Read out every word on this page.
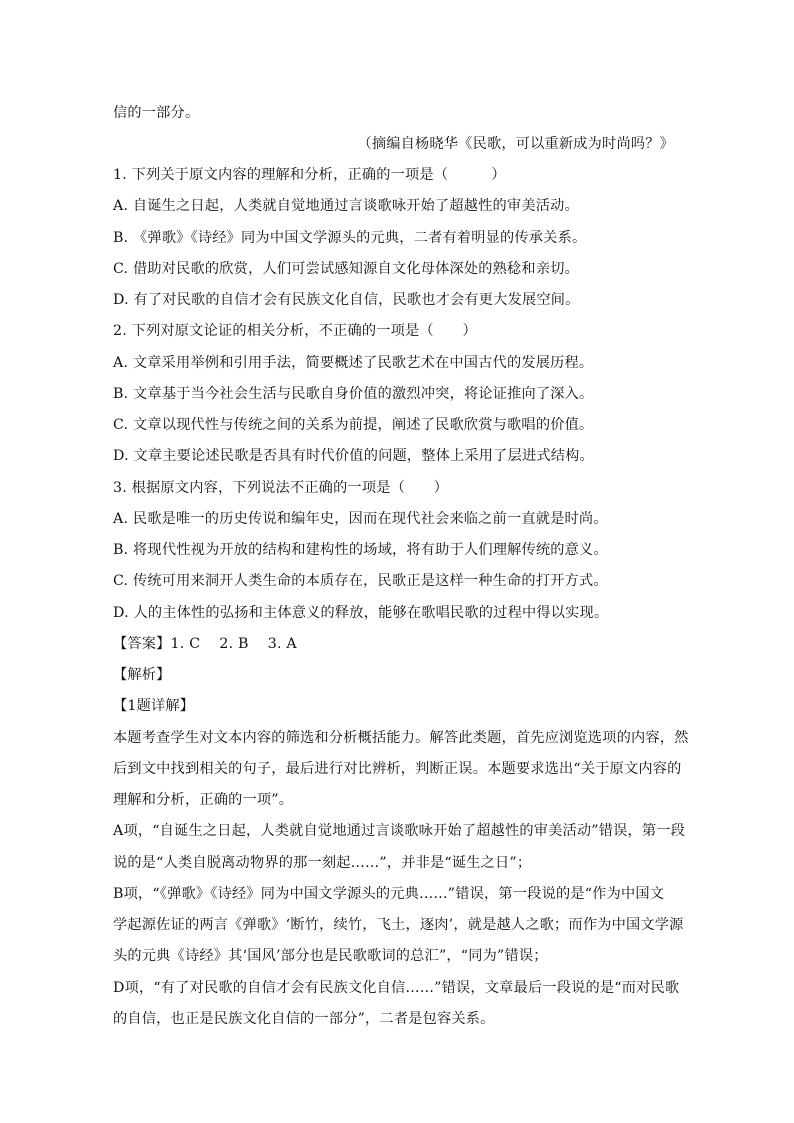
信的一部分。
（摘编自杨晓华《民歌，可以重新成为时尚吗？》
1. 下列关于原文内容的理解和分析，正确的一项是（　　　）
A. 自诞生之日起，人类就自觉地通过言谈歌咏开始了超越性的审美活动。
B. 《弹歌》《诗经》同为中国文学源头的元典，二者有着明显的传承关系。
C. 借助对民歌的欣赏，人们可尝试感知源自文化母体深处的熟稔和亲切。
D. 有了对民歌的自信才会有民族文化自信，民歌也才会有更大发展空间。
2. 下列对原文论证的相关分析，不正确的一项是（　　）
A. 文章采用举例和引用手法，简要概述了民歌艺术在中国古代的发展历程。
B. 文章基于当今社会生活与民歌自身价值的激烈冲突，将论证推向了深入。
C. 文章以现代性与传统之间的关系为前提，阐述了民歌欣赏与歌唱的价值。
D. 文章主要论述民歌是否具有时代价值的问题，整体上采用了层进式结构。
3. 根据原文内容，下列说法不正确的一项是（　　）
A. 民歌是唯一的历史传说和编年史，因而在现代社会来临之前一直就是时尚。
B. 将现代性视为开放的结构和建构性的场域，将有助于人们理解传统的意义。
C. 传统可用来洞开人类生命的本质存在，民歌正是这样一种生命的打开方式。
D. 人的主体性的弘扬和主体意义的释放，能够在歌唱民歌的过程中得以实现。
【答案】1. C　 2. B　 3. A
【解析】
【1题详解】
本题考查学生对文本内容的筛选和分析概括能力。解答此类题，首先应浏览选项的内容，然
后到文中找到相关的句子，最后进行对比辨析，判断正误。本题要求选出“关于原文内容的
理解和分析，正确的一项”。
A项，“自诞生之日起，人类就自觉地通过言谈歌咏开始了超越性的审美活动”错误，第一段
说的是“人类自脱离动物界的那一刻起……”，并非是“诞生之日”；
B项，“《弹歌》《诗经》同为中国文学源头的元典……”错误，第一段说的是“作为中国文
学起源佐证的两言《弹歌》‘断竹，续竹，飞土，逐肉’，就是越人之歌；而作为中国文学源
头的元典《诗经》其‘国风’部分也是民歌歌词的总汇”，“同为”错误；
D项，“有了对民歌的自信才会有民族文化自信……”错误，文章最后一段说的是“而对民歌
的自信，也正是民族文化自信的一部分”，二者是包容关系。
